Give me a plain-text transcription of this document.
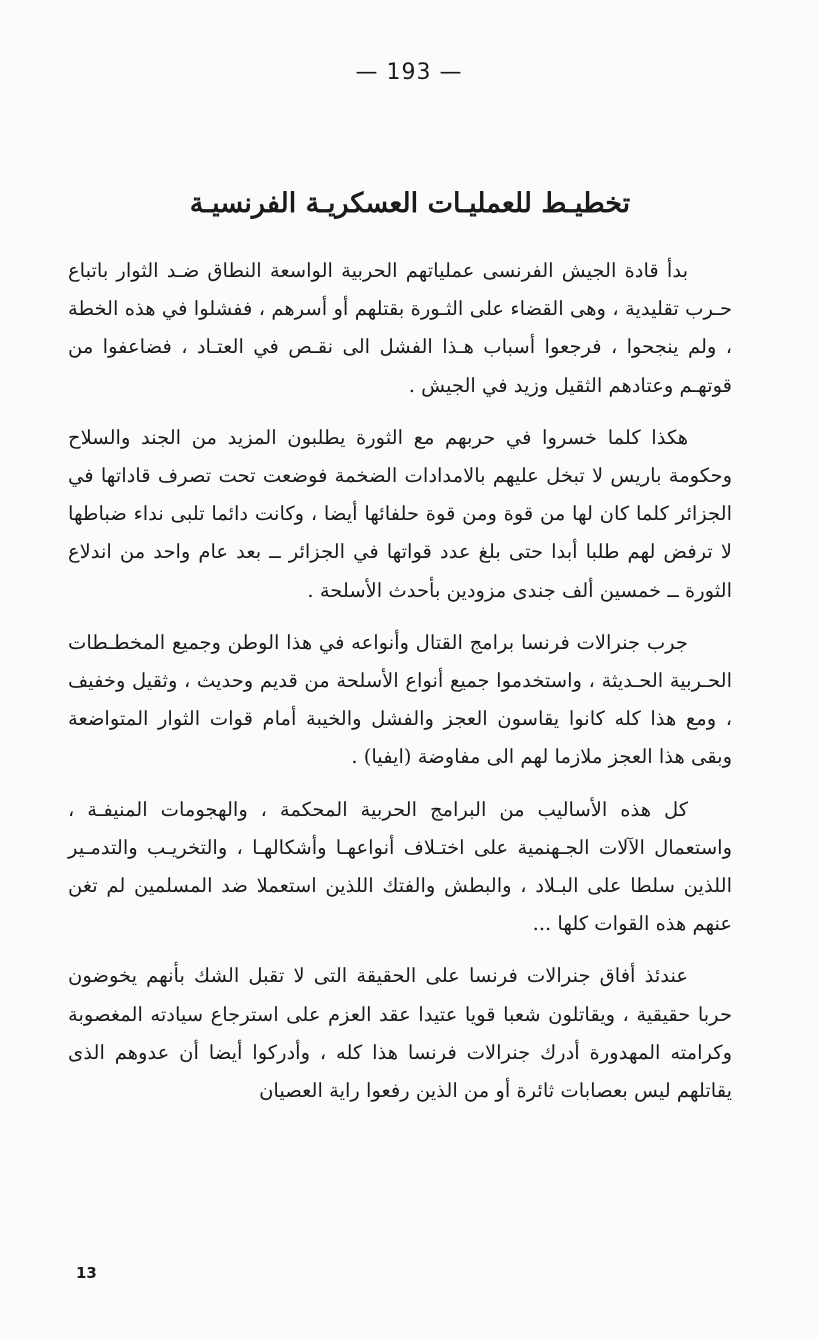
— 193 —
تخطيـط للعمليـات العسكريـة الفرنسيـة

بدأ قادة الجيش الفرنسى عملياتهم الحربية الواسعة النطاق ضـد الثوار باتباع حـرب تقليدية ، وهى القضاء على الثـورة بقتلهم أو أسرهم ، ففشلوا في هذه الخطة ، ولم ينجحوا ، فرجعوا أسباب هـذا الفشل الى نقـص في العتـاد ، فضاعفوا من قوتهـم وعتادهم الثقيل وزيد في الجيش .

هكذا كلما خسروا في حربهم مع الثورة يطلبون المزيد من الجند والسلاح وحكومة باريس لا تبخل عليهم بالامدادات الضخمة فوضعت تحت تصرف قاداتها في الجزائر كلما كان لها من قوة ومن قوة حلفائها أيضا ، وكانت دائما تلبى نداء ضباطها لا ترفض لهم طلبا أبدا حتى بلغ عدد قواتها في الجزائر ــ بعد عام واحد من اندلاع الثورة ــ خمسين ألف جندى مزودين بأحدث الأسلحة .

جرب جنرالات فرنسا برامج القتال وأنواعه في هذا الوطن وجميع المخطـطات الحـربية الحـديثة ، واستخدموا جميع أنواع الأسلحة من قديم وحديث ، وثقيل وخفيف ، ومع هذا كله كانوا يقاسون العجز والفشل والخيبة أمام قوات الثوار المتواضعة وبقى هذا العجز ملازما لهم الى مفاوضة (ايفيا) .

كل هذه الأساليب من البرامج الحربية المحكمة ، والهجومات المنيفـة ، واستعمال الآلات الجـهنمية على اختـلاف أنواعهـا وأشكالهـا ، والتخريـب والتدمـير اللذين سلطا على البـلاد ، والبطش والفتك اللذين استعملا ضد المسلمين لم تغن عنهم هذه القوات كلها ...

عندئذ أفاق جنرالات فرنسا على الحقيقة التى لا تقبل الشك بأنهم يخوضون حربا حقيقية ، ويقاتلون شعبا قويا عتيدا عقد العزم على استرجاع سيادته المغصوبة وكرامته المهدورة أدرك جنرالات فرنسا هذا كله ، وأدركوا أيضا أن عدوهم الذى يقاتلهم ليس بعصابات ثائرة أو من الذين رفعوا راية العصيان

13
